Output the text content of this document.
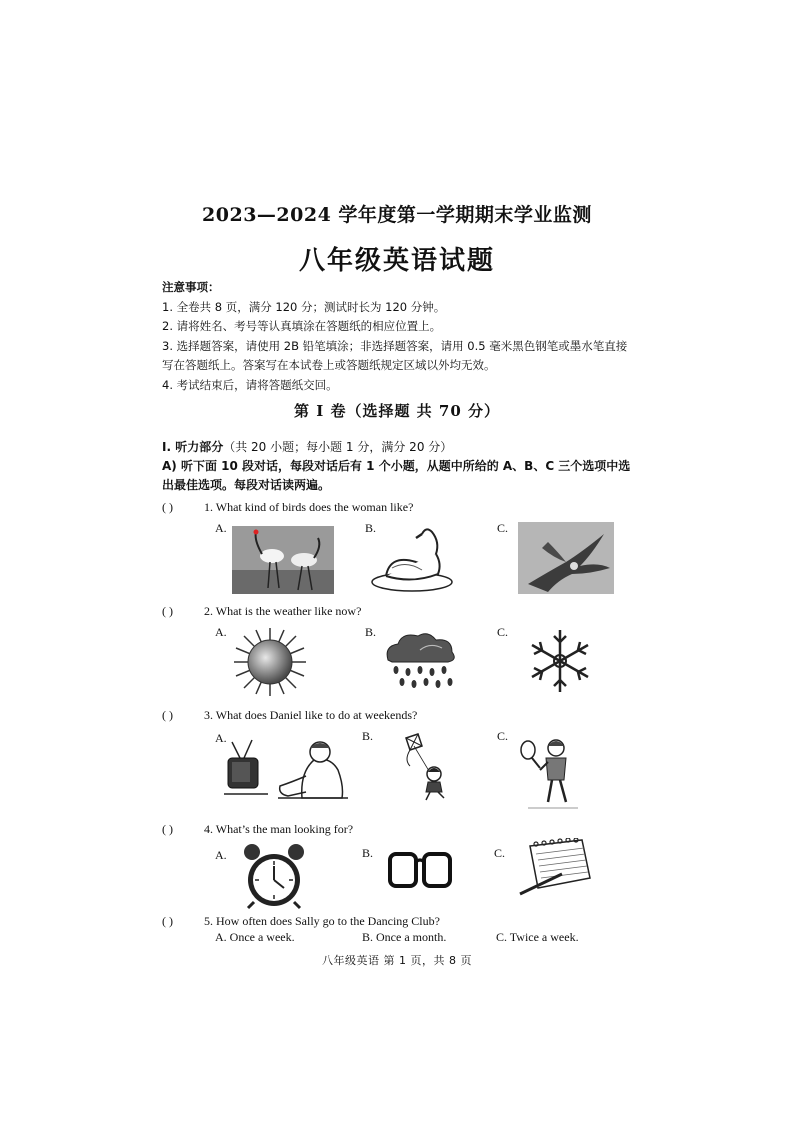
2023—2024 学年度第一学期期末学业监测
八年级英语试题
注意事项：
1. 全卷共 8 页，满分 120 分；测试时长为 120 分钟。
2. 请将姓名、考号等认真填涂在答题纸的相应位置上。
3. 选择题答案，请使用 2B 铅笔填涂；非选择题答案，请用 0.5 毫米黑色钢笔或墨水笔直接
写在答题纸上。答案写在本试卷上或答题纸规定区域以外均无效。
4. 考试结束后，请将答题纸交回。
第 I 卷（选择题 共 70 分）
I. 听力部分（共 20 小题；每小题 1 分，满分 20 分）
A) 听下面 10 段对话，每段对话后有 1 个小题，从题中所给的 A、B、C 三个选项中选
出最佳选项。每段对话读两遍。
( )	1. What kind of birds does the woman like?
A.	B.	C.
( )	2. What is the weather like now?
A.	B.	C.
( )	3. What does Daniel like to do at weekends?
A.	B.	C.
( )	4. What’s the man looking for?
A.	B.	C.
( )	5. How often does Sally go to the Dancing Club?
A. Once a week.	B. Once a month.	C. Twice a week.
八年级英语 第 1 页，共 8 页
